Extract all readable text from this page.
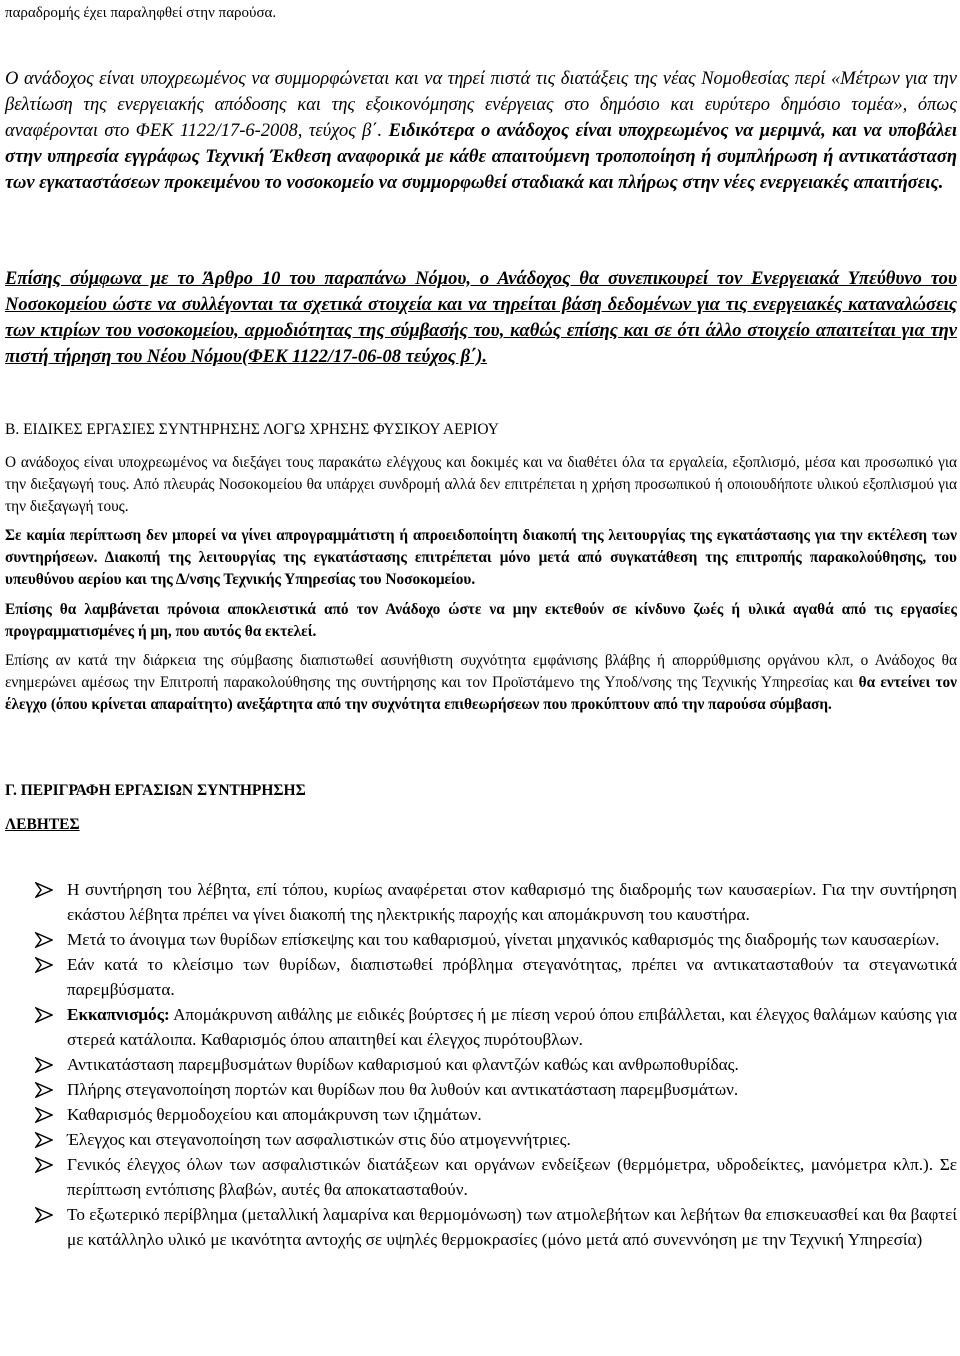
παραδρομής έχει παραληφθεί στην παρούσα.

Ο ανάδοχος είναι υποχρεωμένος να συμμορφώνεται και να τηρεί πιστά τις διατάξεις της νέας Νομοθεσίας περί «Μέτρων για την βελτίωση της ενεργειακής απόδοσης και της εξοικονόμησης ενέργειας στο δημόσιο και ευρύτερο δημόσιο τομέα», όπως αναφέρονται στο ΦΕΚ 1122/17-6-2008, τεύχος β΄. Ειδικότερα ο ανάδοχος είναι υποχρεωμένος να μεριμνά, και να υποβάλει στην υπηρεσία εγγράφως Τεχνική Έκθεση αναφορικά με κάθε απαιτούμενη τροποποίηση ή συμπλήρωση ή αντικατάσταση των εγκαταστάσεων προκειμένου το νοσοκομείο να συμμορφωθεί σταδιακά και πλήρως στην νέες ενεργειακές απαιτήσεις.

Επίσης σύμφωνα με το Άρθρο 10 του παραπάνω Νόμου, ο Ανάδοχος θα συνεπικουρεί τον Ενεργειακά Υπεύθυνο του Νοσοκομείου ώστε να συλλέγονται τα σχετικά στοιχεία και να τηρείται βάση δεδομένων για τις ενεργειακές καταναλώσεις των κτιρίων του νοσοκομείου, αρμοδιότητας της σύμβασής του, καθώς επίσης και σε ότι άλλο στοιχείο απαιτείται για την πιστή τήρηση του Νέου Νόμου(ΦΕΚ 1122/17-06-08 τεύχος β΄).

Β. ΕΙΔΙΚΕΣ ΕΡΓΑΣΙΕΣ ΣΥΝΤΗΡΗΣΗΣ ΛΟΓΩ ΧΡΗΣΗΣ ΦΥΣΙΚΟΥ ΑΕΡΙΟΥ

Ο ανάδοχος είναι υποχρεωμένος να διεξάγει τους παρακάτω ελέγχους και δοκιμές και να διαθέτει όλα τα εργαλεία, εξοπλισμό, μέσα και προσωπικό για την διεξαγωγή τους. Από πλευράς Νοσοκομείου θα υπάρχει συνδρομή αλλά δεν επιτρέπεται η χρήση προσωπικού ή οποιουδήποτε υλικού εξοπλισμού για την διεξαγωγή τους.

Σε καμία περίπτωση δεν μπορεί να γίνει απρογραμμάτιστη ή απροειδοποίητη διακοπή της λειτουργίας της εγκατάστασης για την εκτέλεση των συντηρήσεων. Διακοπή της λειτουργίας της εγκατάστασης επιτρέπεται μόνο μετά από συγκατάθεση της επιτροπής παρακολούθησης, του υπευθύνου αερίου και της Δ/νσης Τεχνικής Υπηρεσίας του Νοσοκομείου.

Επίσης θα λαμβάνεται πρόνοια αποκλειστικά από τον Ανάδοχο ώστε να μην εκτεθούν σε κίνδυνο ζωές ή υλικά αγαθά από τις εργασίες προγραμματισμένες ή μη, που αυτός θα εκτελεί.

Επίσης αν κατά την διάρκεια της σύμβασης διαπιστωθεί ασυνήθιστη συχνότητα εμφάνισης βλάβης ή απορρύθμισης οργάνου κλπ, ο Ανάδοχος θα ενημερώνει αμέσως την Επιτροπή παρακολούθησης της συντήρησης και τον Προϊστάμενο της Υποδ/νσης της Τεχνικής Υπηρεσίας και θα εντείνει τον έλεγχο (όπου κρίνεται απαραίτητο) ανεξάρτητα από την συχνότητα επιθεωρήσεων που προκύπτουν από την παρούσα σύμβαση.

Γ. ΠΕΡΙΓΡΑΦΗ ΕΡΓΑΣΙΩΝ ΣΥΝΤΗΡΗΣΗΣ
ΛΕΒΗΤΕΣ
Η συντήρηση του λέβητα, επί τόπου, κυρίως αναφέρεται στον καθαρισμό της διαδρομής των καυσαερίων. Για την συντήρηση εκάστου λέβητα πρέπει να γίνει διακοπή της ηλεκτρικής παροχής και απομάκρυνση του καυστήρα.
Μετά το άνοιγμα των θυρίδων επίσκεψης και του καθαρισμού, γίνεται μηχανικός καθαρισμός της διαδρομής των καυσαερίων.
Εάν κατά το κλείσιμο των θυρίδων, διαπιστωθεί πρόβλημα στεγανότητας, πρέπει να αντικατασταθούν τα στεγανωτικά παρεμβύσματα.
Εκκαπνισμός: Απομάκρυνση αιθάλης με ειδικές βούρτσες ή με πίεση νερού όπου επιβάλλεται, και έλεγχος θαλάμων καύσης για στερεά κατάλοιπα. Καθαρισμός όπου απαιτηθεί και έλεγχος πυρότουβλων.
Αντικατάσταση παρεμβυσμάτων θυρίδων καθαρισμού και φλαντζών καθώς και ανθρωποθυρίδας.
Πλήρης στεγανοποίηση πορτών και θυρίδων που θα λυθούν και αντικατάσταση παρεμβυσμάτων.
Καθαρισμός θερμοδοχείου και απομάκρυνση των ιζημάτων.
Έλεγχος και στεγανοποίηση των ασφαλιστικών στις δύο ατμογεννήτριες.
Γενικός έλεγχος όλων των ασφαλιστικών διατάξεων και οργάνων ενδείξεων (θερμόμετρα, υδροδείκτες, μανόμετρα κλπ.). Σε περίπτωση εντόπισης βλαβών, αυτές θα αποκατασταθούν.
Το εξωτερικό περίβλημα (μεταλλική λαμαρίνα και θερμομόνωση) των ατμολεβήτων και λεβήτων θα επισκευασθεί και θα βαφτεί με κατάλληλο υλικό με ικανότητα αντοχής σε υψηλές θερμοκρασίες (μόνο μετά από συνεννόηση με την Τεχνική Υπηρεσία)
